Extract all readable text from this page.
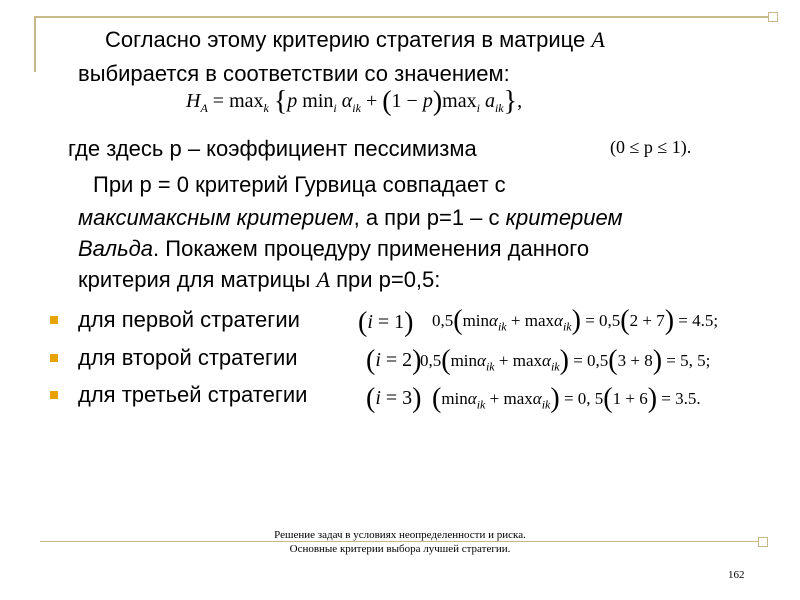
Согласно этому критерию стратегия в матрице A
выбирается в соответствии со значением:
$H_A = \max_k \{p$ $\min_i \alpha_{ik} + (1 - p)\max_i$ $a_{ik}$},
где здесь р – коэффициент пессимизма	(0 ≤ p ≤ 1).
При р = 0 критерий Гурвица совпадает с
максимаксным критерием, а при р=1 – с критерием
Вальда. Покажем процедуру применения данного
критерия для матрицы A при р=0,5:
для первой стратегии (i = 1) 0,5(minα$_{ik}$ + maxα$_{ik}$) = 0,5(2 + 7) = 4.5;
для второй стратегии (i = 2)
0,5(minα$_{ik}$ + maxα$_{ik}$) = 0,5(3 + 8) = 5, 5;
для третьей стратегии (i = 3) (minα$_{ik}$ + maxα$_{ik}$) = 0, 5(1 + 6) = 3.5.
Решение задач в условиях неопределенности и риска. Основные критерии выбора лучшей стратегии.
162
